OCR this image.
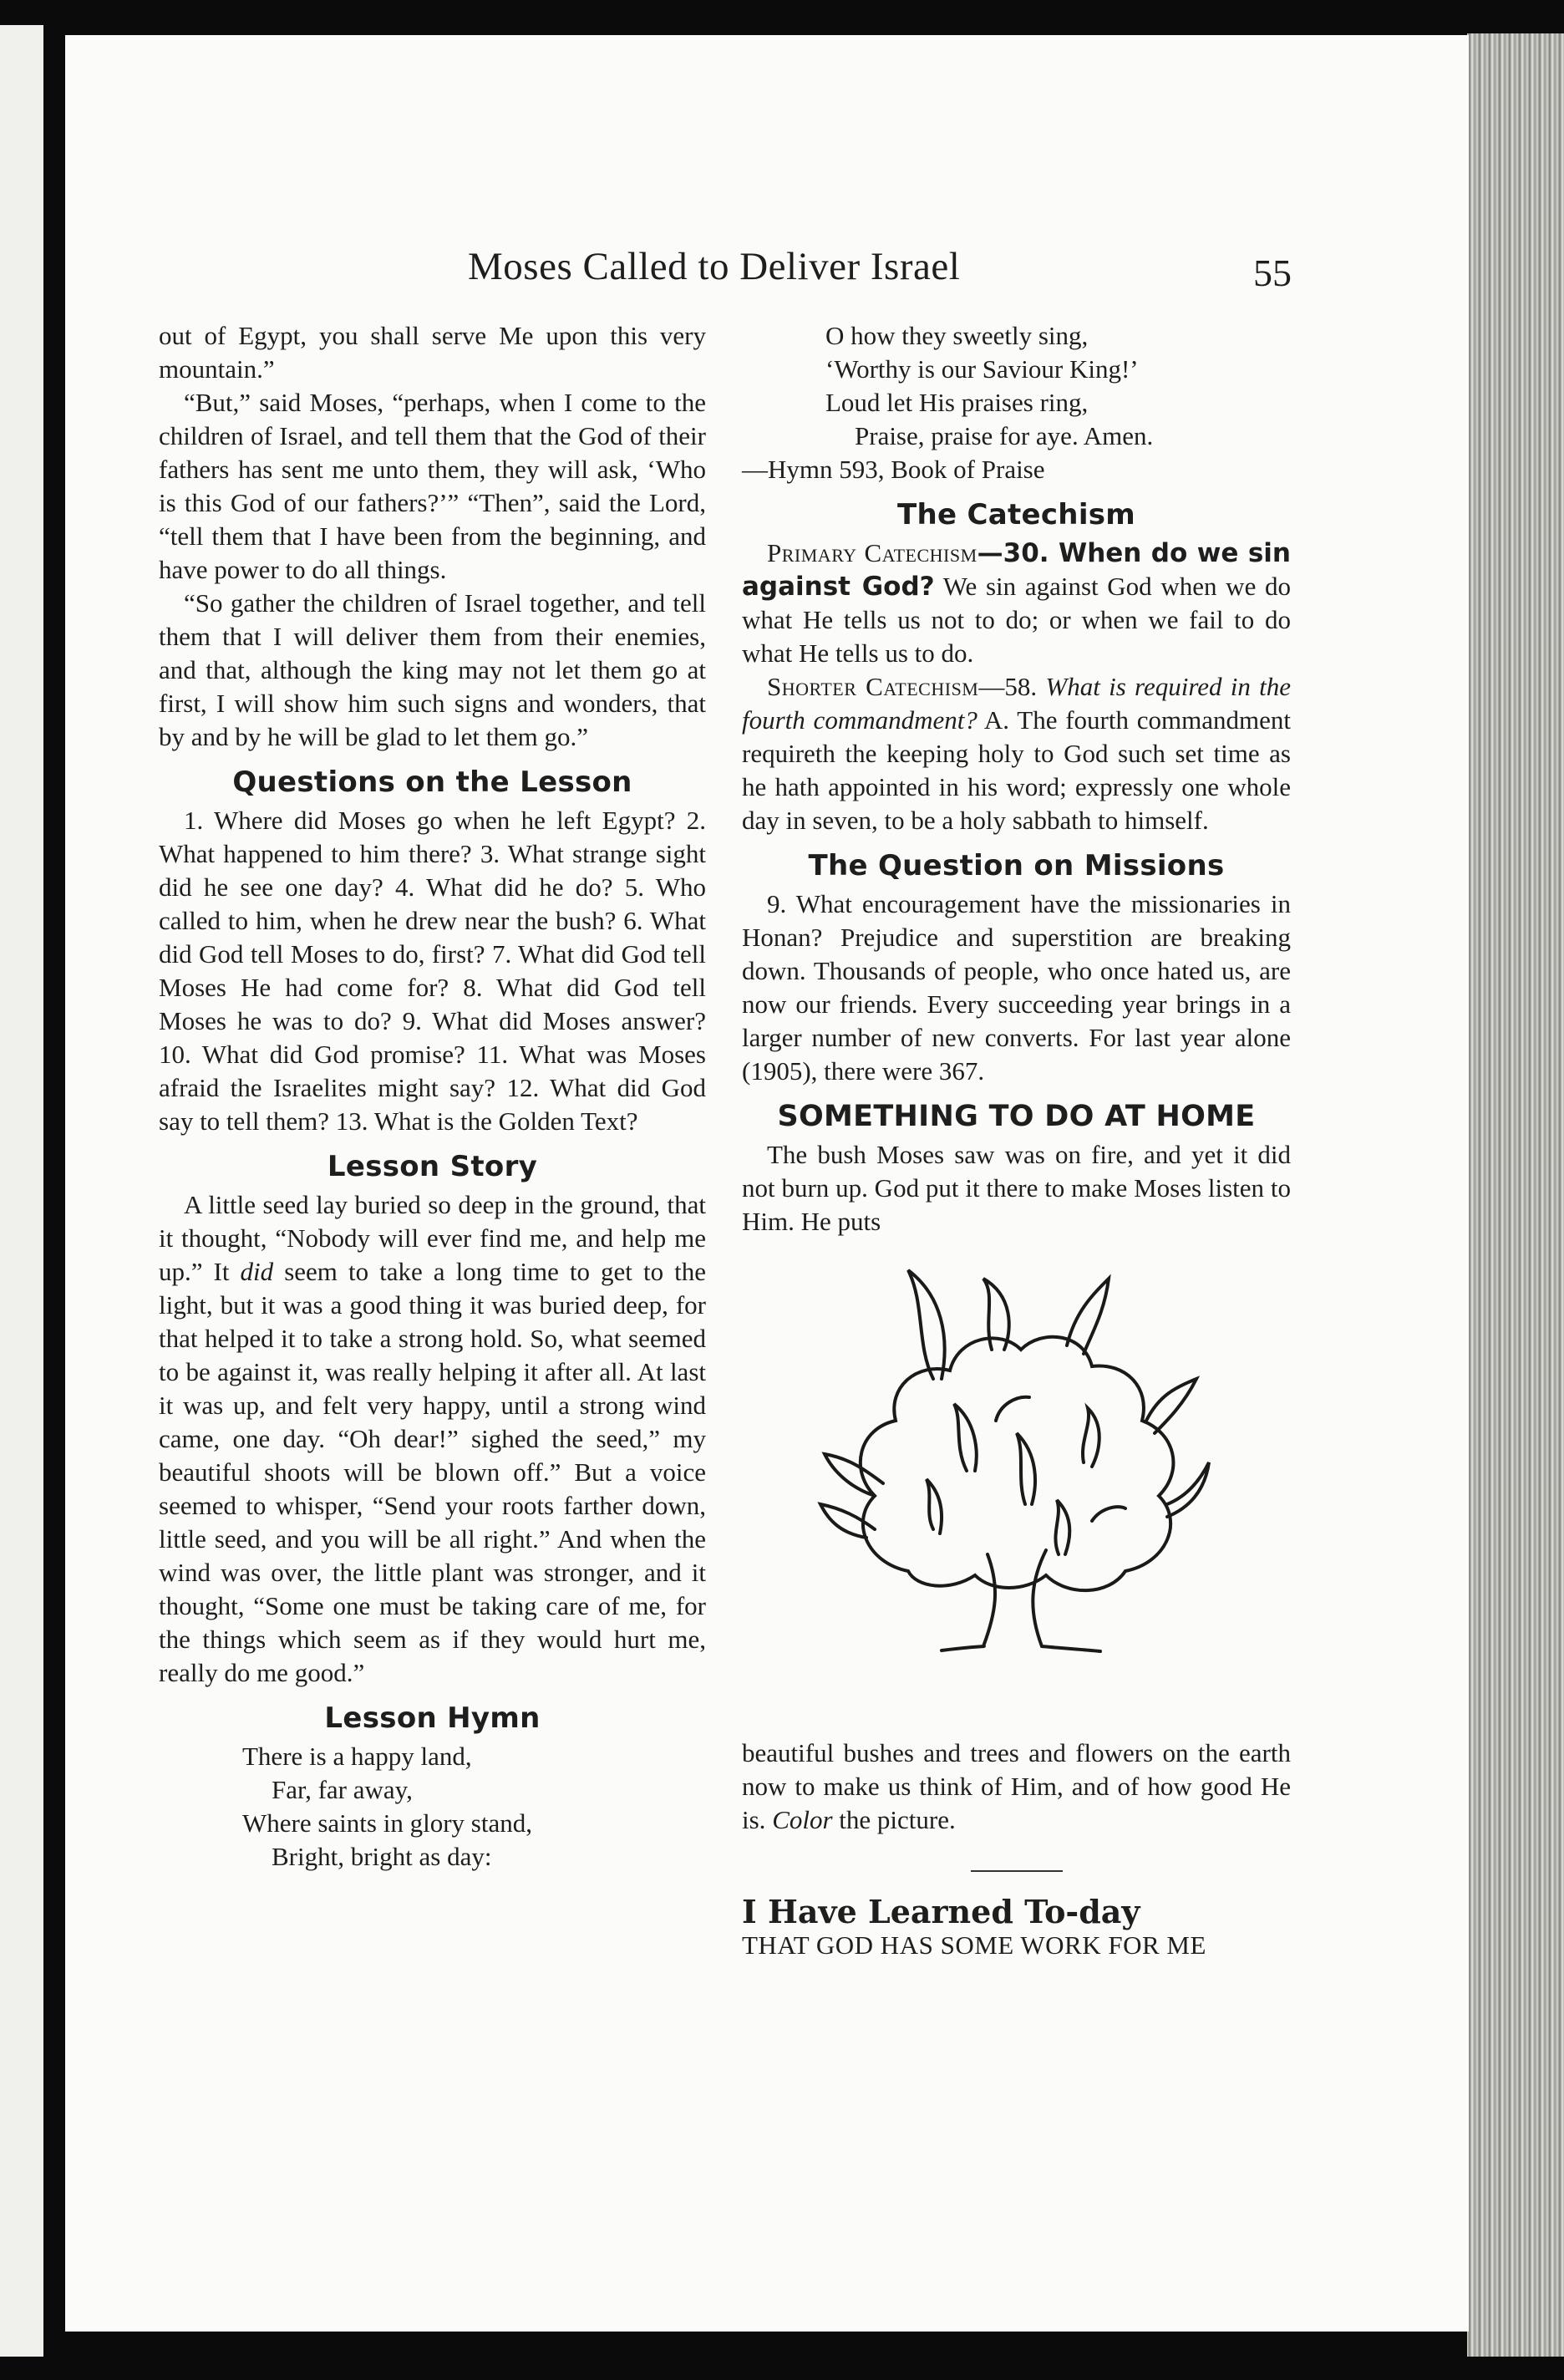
Moses Called to Deliver Israel	55

out of Egypt, you shall serve Me upon this very mountain.”

“But,” said Moses, “perhaps, when I come to the children of Israel, and tell them that the God of their fathers has sent me unto them, they will ask, ‘Who is this God of our fathers?’” “Then”, said the Lord, “tell them that I have been from the beginning, and have power to do all things.

“So gather the children of Israel together, and tell them that I will deliver them from their enemies, and that, although the king may not let them go at first, I will show him such signs and wonders, that by and by he will be glad to let them go.”

Questions on the Lesson

1. Where did Moses go when he left Egypt? 2. What happened to him there? 3. What strange sight did he see one day? 4. What did he do? 5. Who called to him, when he drew near the bush? 6. What did God tell Moses to do, first? 7. What did God tell Moses He had come for? 8. What did God tell Moses he was to do? 9. What did Moses answer? 10. What did God promise? 11. What was Moses afraid the Israelites might say? 12. What did God say to tell them? 13. What is the Golden Text?

Lesson Story

A little seed lay buried so deep in the ground, that it thought, “Nobody will ever find me, and help me up.” It did seem to take a long time to get to the light, but it was a good thing it was buried deep, for that helped it to take a strong hold. So, what seemed to be against it, was really helping it after all. At last it was up, and felt very happy, until a strong wind came, one day. “Oh dear!” sighed the seed,” my beautiful shoots will be blown off.” But a voice seemed to whisper, “Send your roots farther down, little seed, and you will be all right.” And when the wind was over, the little plant was stronger, and it thought, “Some one must be taking care of me, for the things which seem as if they would hurt me, really do me good.”

Lesson Hymn

There is a happy land,

Far, far away,

Where saints in glory stand,

Bright, bright as day:

O how they sweetly sing,

‘Worthy is our Saviour King!’

Loud let His praises ring,

Praise, praise for aye. Amen.

—Hymn 593, Book of Praise

The Catechism

Primary Catechism—30. When do we sin against God? We sin against God when we do what He tells us not to do; or when we fail to do what He tells us to do.

Shorter Catechism—58. What is required in the fourth commandment? A. The fourth commandment requireth the keeping holy to God such set time as he hath appointed in his word; expressly one whole day in seven, to be a holy sabbath to himself.

The Question on Missions

9. What encouragement have the missionaries in Honan? Prejudice and superstition are breaking down. Thousands of people, who once hated us, are now our friends. Every succeeding year brings in a larger number of new converts. For last year alone (1905), there were 367.

SOMETHING TO DO AT HOME

The bush Moses saw was on fire, and yet it did not burn up. God put it there to make Moses listen to Him. He puts

beautiful bushes and trees and flowers on the earth now to make us think of Him, and of how good He is. Color the picture.

I Have Learned To-day

THAT GOD HAS SOME WORK FOR ME
